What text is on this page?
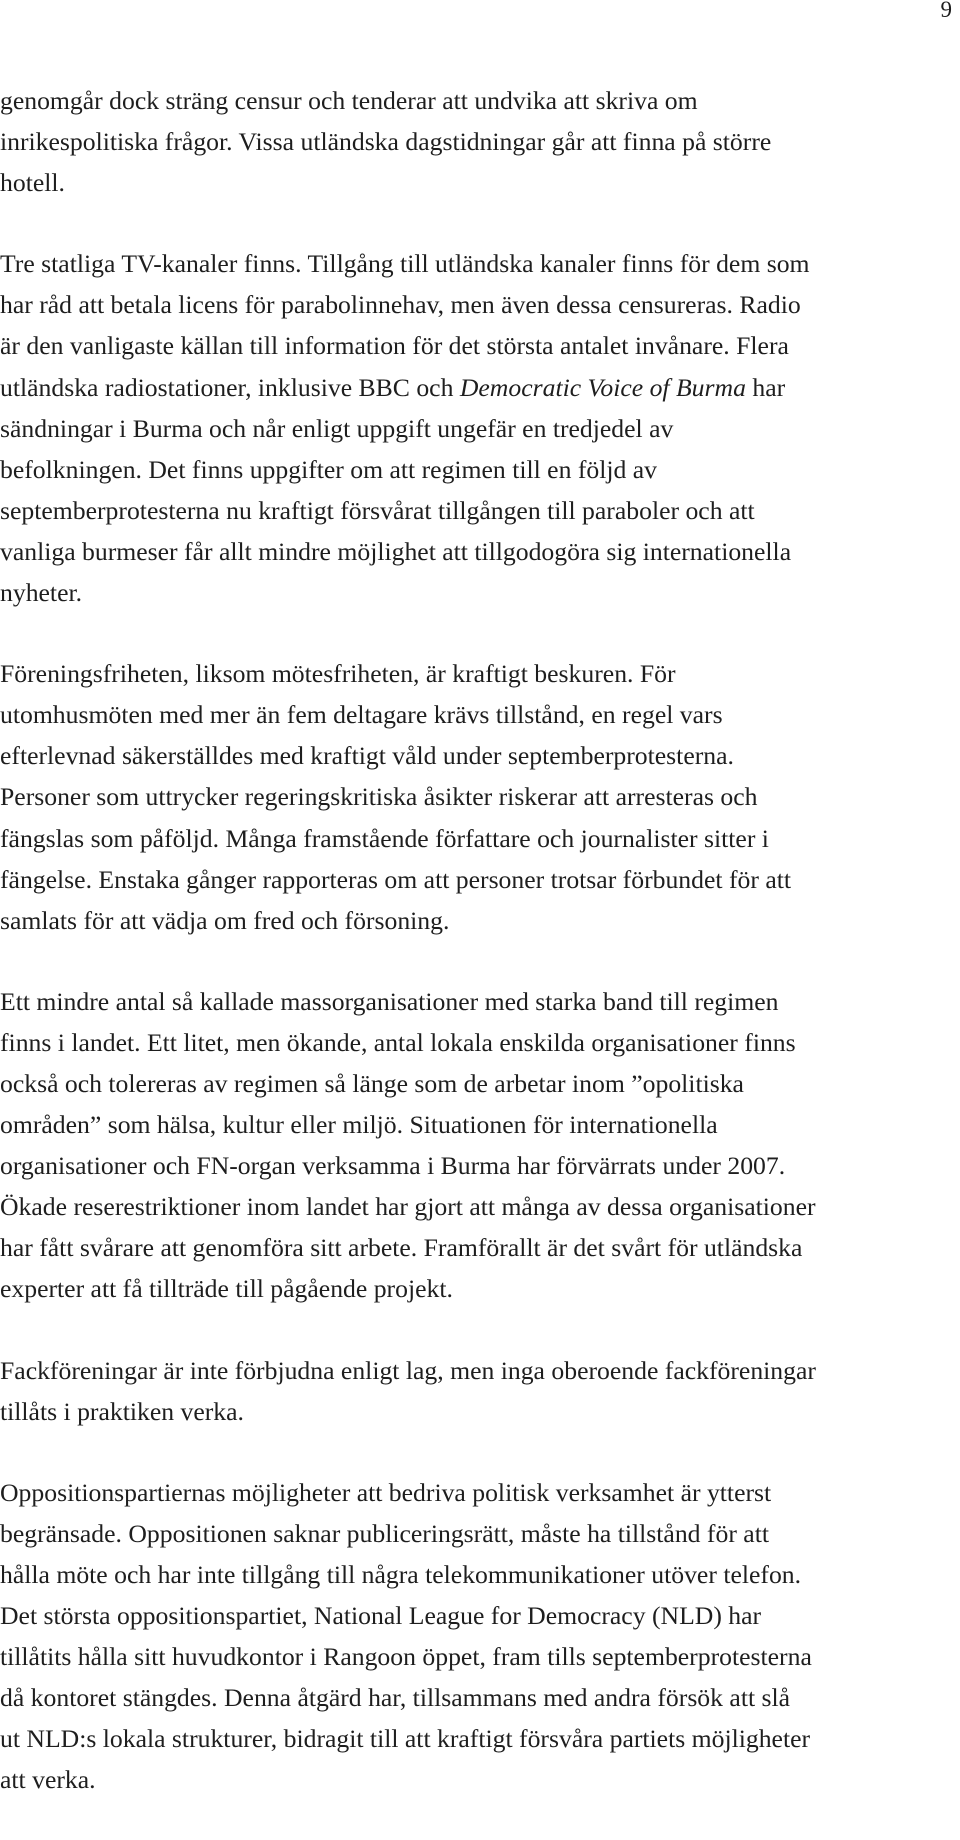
9

genomgår dock sträng censur och tenderar att undvika att skriva om
inrikespolitiska frågor. Vissa utländska dagstidningar går att finna på större
hotell.

Tre statliga TV-kanaler finns. Tillgång till utländska kanaler finns för dem som
har råd att betala licens för parabolinnehav, men även dessa censureras. Radio
är den vanligaste källan till information för det största antalet invånare. Flera
utländska radiostationer, inklusive BBC och Democratic Voice of Burma har
sändningar i Burma och når enligt uppgift ungefär en tredjedel av
befolkningen. Det finns uppgifter om att regimen till en följd av
septemberprotesterna nu kraftigt försvårat tillgången till paraboler och att
vanliga burmeser får allt mindre möjlighet att tillgodogöra sig internationella
nyheter.

Föreningsfriheten, liksom mötesfriheten, är kraftigt beskuren. För
utomhusmöten med mer än fem deltagare krävs tillstånd, en regel vars
efterlevnad säkerställdes med kraftigt våld under septemberprotesterna.
Personer som uttrycker regeringskritiska åsikter riskerar att arresteras och
fängslas som påföljd. Många framstående författare och journalister sitter i
fängelse. Enstaka gånger rapporteras om att personer trotsar förbundet för att
samlats för att vädja om fred och försoning.

Ett mindre antal så kallade massorganisationer med starka band till regimen
finns i landet. Ett litet, men ökande, antal lokala enskilda organisationer finns
också och tolereras av regimen så länge som de arbetar inom ”opolitiska
områden” som hälsa, kultur eller miljö. Situationen för internationella
organisationer och FN-organ verksamma i Burma har förvärrats under 2007.
Ökade reserestriktioner inom landet har gjort att många av dessa organisationer
har fått svårare att genomföra sitt arbete. Framförallt är det svårt för utländska
experter att få tillträde till pågående projekt.

Fackföreningar är inte förbjudna enligt lag, men inga oberoende fackföreningar
tillåts i praktiken verka.

Oppositionspartiernas möjligheter att bedriva politisk verksamhet är ytterst
begränsade. Oppositionen saknar publiceringsrätt, måste ha tillstånd för att
hålla möte och har inte tillgång till några telekommunikationer utöver telefon.
Det största oppositionspartiet, National League for Democracy (NLD) har
tillåtits hålla sitt huvudkontor i Rangoon öppet, fram tills septemberprotesterna
då kontoret stängdes. Denna åtgärd har, tillsammans med andra försök att slå
ut NLD:s lokala strukturer, bidragit till att kraftigt försvåra partiets möjligheter
att verka.
